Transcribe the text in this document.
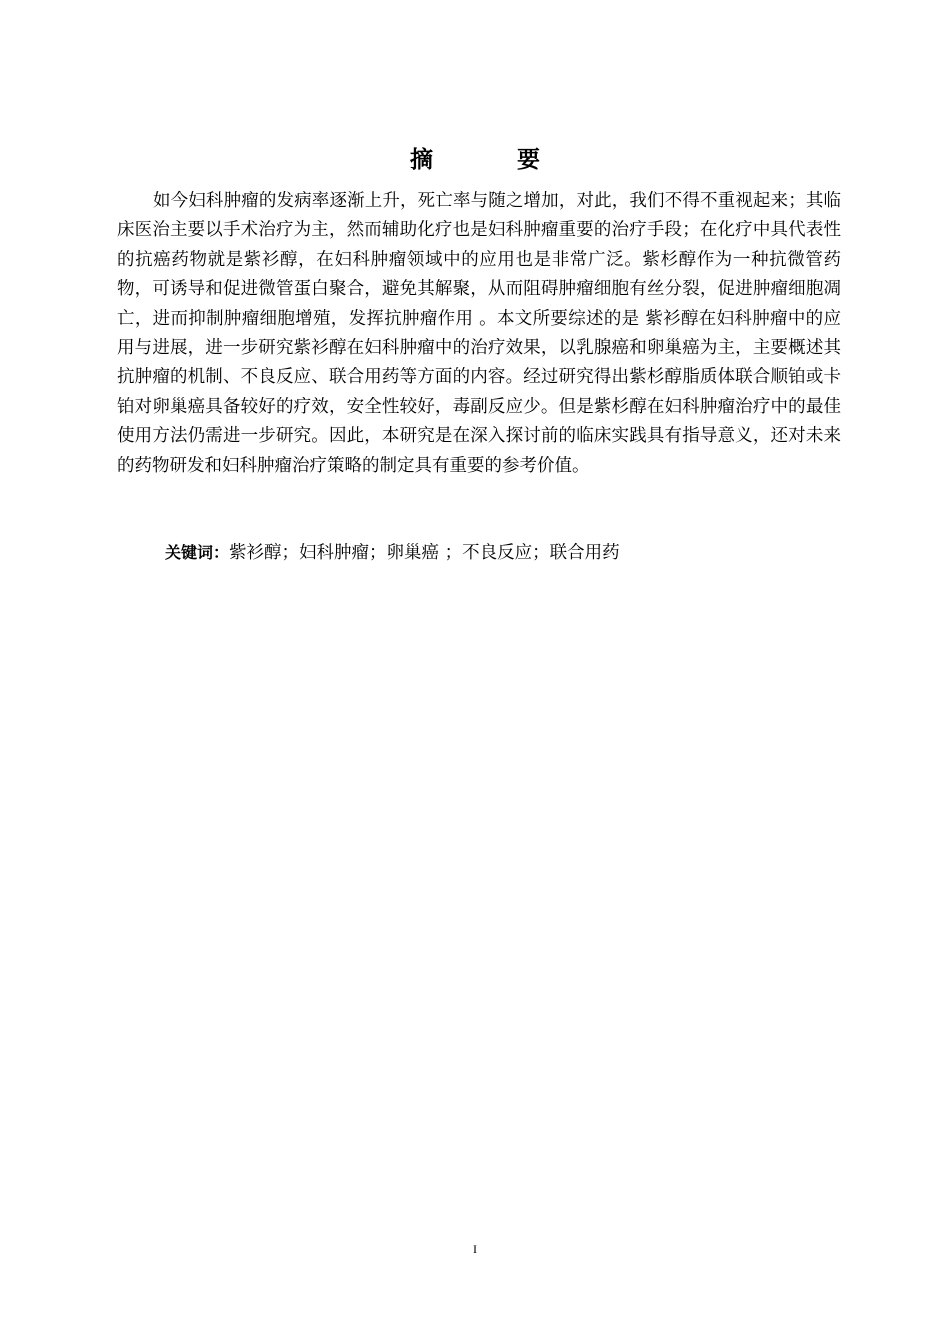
摘 要

如今妇科肿瘤的发病率逐渐上升，死亡率与随之增加，对此，我们不得不重视起来；其临床医治主要以手术治疗为主，然而辅助化疗也是妇科肿瘤重要的治疗手段；在化疗中具代表性的抗癌药物就是紫衫醇，在妇科肿瘤领域中的应用也是非常广泛。紫杉醇作为一种抗微管药物，可诱导和促进微管蛋白聚合，避免其解聚，从而阻碍肿瘤细胞有丝分裂，促进肿瘤细胞凋亡，进而抑制肿瘤细胞增殖，发挥抗肿瘤作用 。本文所要综述的是 紫衫醇在妇科肿瘤中的应用与进展，进一步研究紫衫醇在妇科肿瘤中的治疗效果，以乳腺癌和卵巢癌为主，主要概述其抗肿瘤的机制、不良反应、联合用药等方面的内容。经过研究得出紫杉醇脂质体联合顺铂或卡铂对卵巢癌具备较好的疗效，安全性较好，毒副反应少。但是紫杉醇在妇科肿瘤治疗中的最佳使用方法仍需进一步研究。因此，本研究是在深入探讨前的临床实践具有指导意义，还对未来的药物研发和妇科肿瘤治疗策略的制定具有重要的参考价值。

关键词：紫衫醇；妇科肿瘤；卵巢癌 ；不良反应；联合用药

I
